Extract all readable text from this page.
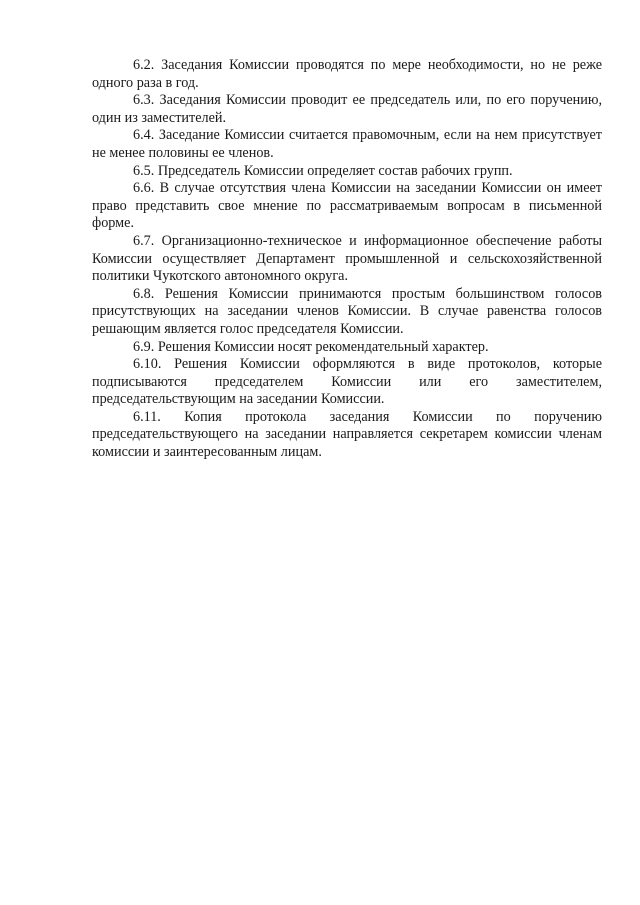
6.2. Заседания Комиссии проводятся по мере необходимости, но не реже одного раза в год.

6.3. Заседания Комиссии проводит ее председатель или, по его поручению, один из заместителей.

6.4. Заседание Комиссии считается правомочным, если на нем присутствует не менее половины ее членов.

6.5. Председатель Комиссии определяет состав рабочих групп.

6.6. В случае отсутствия члена Комиссии на заседании Комиссии он имеет право представить свое мнение по рассматриваемым вопросам в письменной форме.

6.7. Организационно-техническое и информационное обеспечение работы Комиссии осуществляет Департамент промышленной и сельскохозяйственной политики Чукотского автономного округа.

6.8. Решения Комиссии принимаются простым большинством голосов присутствующих на заседании членов Комиссии. В случае равенства голосов решающим является голос председателя Комиссии.

6.9. Решения Комиссии носят рекомендательный характер.

6.10. Решения Комиссии оформляются в виде протоколов, которые подписываются председателем Комиссии или его заместителем, председательствующим на заседании Комиссии.

6.11. Копия протокола заседания Комиссии по поручению председательствующего на заседании направляется секретарем комиссии членам комиссии и заинтересованным лицам.
